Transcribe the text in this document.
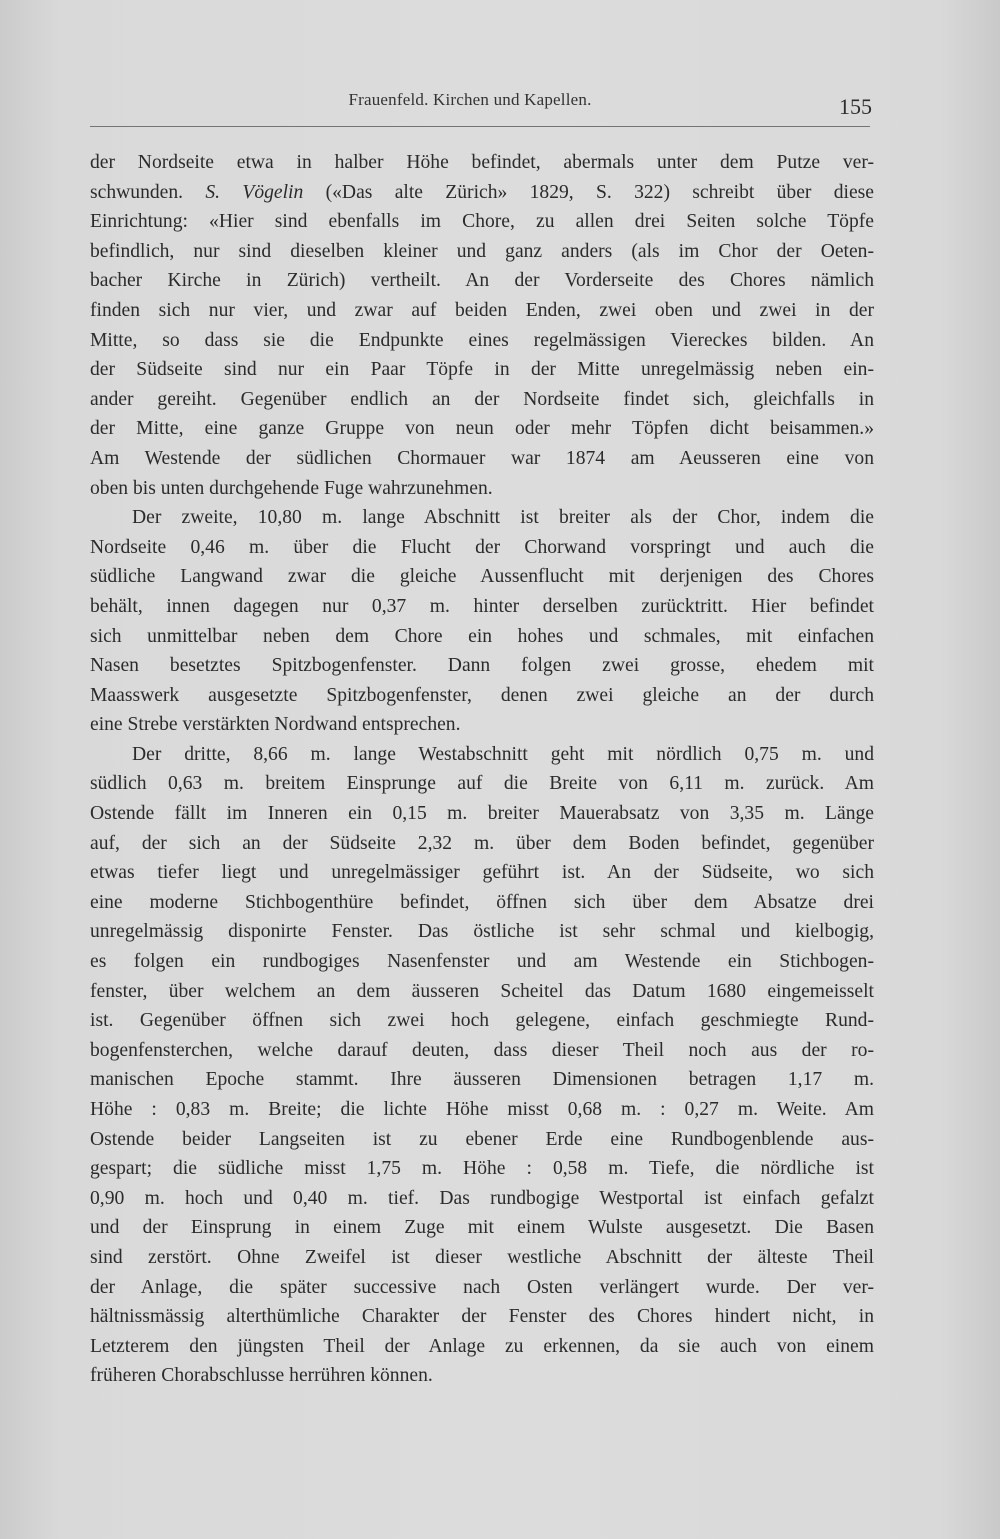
Frauenfeld. Kirchen und Kapellen.	155
der Nordseite etwa in halber Höhe befindet, abermals unter dem Putze ver-
schwunden. S. Vögelin («Das alte Zürich» 1829, S. 322) schreibt über diese
Einrichtung: «Hier sind ebenfalls im Chore, zu allen drei Seiten solche Töpfe
befindlich, nur sind dieselben kleiner und ganz anders (als im Chor der Oeten-
bacher Kirche in Zürich) vertheilt. An der Vorderseite des Chores nämlich
finden sich nur vier, und zwar auf beiden Enden, zwei oben und zwei in der
Mitte, so dass sie die Endpunkte eines regelmässigen Viereckes bilden. An
der Südseite sind nur ein Paar Töpfe in der Mitte unregelmässig neben ein-
ander gereiht. Gegenüber endlich an der Nordseite findet sich, gleichfalls in
der Mitte, eine ganze Gruppe von neun oder mehr Töpfen dicht beisammen.»
Am Westende der südlichen Chormauer war 1874 am Aeusseren eine von
oben bis unten durchgehende Fuge wahrzunehmen.
Der zweite, 10,80 m. lange Abschnitt ist breiter als der Chor, indem die
Nordseite 0,46 m. über die Flucht der Chorwand vorspringt und auch die
südliche Langwand zwar die gleiche Aussenflucht mit derjenigen des Chores
behält, innen dagegen nur 0,37 m. hinter derselben zurücktritt. Hier befindet
sich unmittelbar neben dem Chore ein hohes und schmales, mit einfachen
Nasen besetztes Spitzbogenfenster. Dann folgen zwei grosse, ehedem mit
Maasswerk ausgesetzte Spitzbogenfenster, denen zwei gleiche an der durch
eine Strebe verstärkten Nordwand entsprechen.
Der dritte, 8,66 m. lange Westabschnitt geht mit nördlich 0,75 m. und
südlich 0,63 m. breitem Einsprunge auf die Breite von 6,11 m. zurück. Am
Ostende fällt im Inneren ein 0,15 m. breiter Mauerabsatz von 3,35 m. Länge
auf, der sich an der Südseite 2,32 m. über dem Boden befindet, gegenüber
etwas tiefer liegt und unregelmässiger geführt ist. An der Südseite, wo sich
eine moderne Stichbogenthüre befindet, öffnen sich über dem Absatze drei
unregelmässig disponirte Fenster. Das östliche ist sehr schmal und kielbogig,
es folgen ein rundbogiges Nasenfenster und am Westende ein Stichbogen-
fenster, über welchem an dem äusseren Scheitel das Datum 1680 eingemeisselt
ist. Gegenüber öffnen sich zwei hoch gelegene, einfach geschmiegte Rund-
bogenfensterchen, welche darauf deuten, dass dieser Theil noch aus der ro-
manischen Epoche stammt. Ihre äusseren Dimensionen betragen 1,17 m.
Höhe : 0,83 m. Breite; die lichte Höhe misst 0,68 m. : 0,27 m. Weite. Am
Ostende beider Langseiten ist zu ebener Erde eine Rundbogenblende aus-
gespart; die südliche misst 1,75 m. Höhe : 0,58 m. Tiefe, die nördliche ist
0,90 m. hoch und 0,40 m. tief. Das rundbogige Westportal ist einfach gefalzt
und der Einsprung in einem Zuge mit einem Wulste ausgesetzt. Die Basen
sind zerstört. Ohne Zweifel ist dieser westliche Abschnitt der älteste Theil
der Anlage, die später successive nach Osten verlängert wurde. Der ver-
hältnissmässig alterthümliche Charakter der Fenster des Chores hindert nicht, in
Letzterem den jüngsten Theil der Anlage zu erkennen, da sie auch von einem
früheren Chorabschlusse herrühren können.
